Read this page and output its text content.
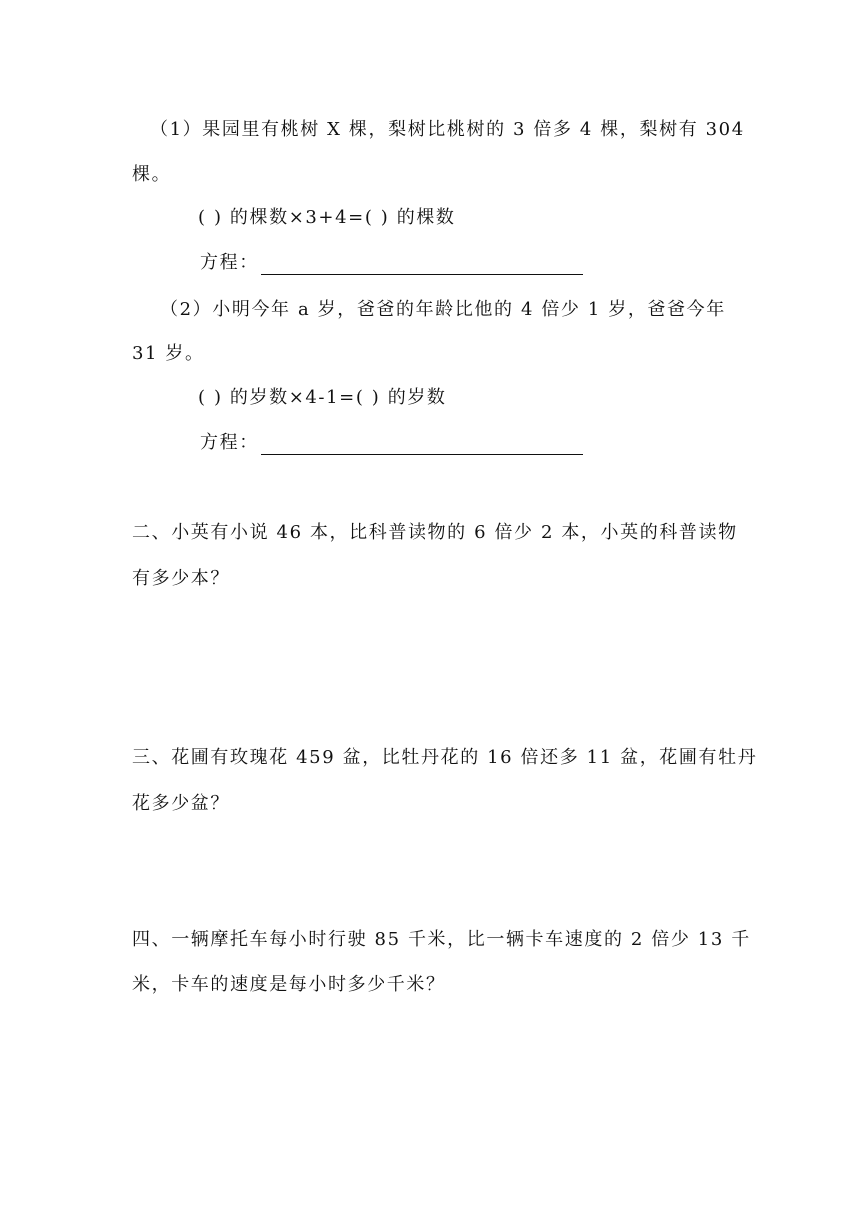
（1）果园里有桃树 X 棵，梨树比桃树的 3 倍多 4 棵，梨树有 304
棵。
( ) 的棵数×3+4=( ) 的棵数
方程：
（2）小明今年 a 岁，爸爸的年龄比他的 4 倍少 1 岁，爸爸今年
31 岁。
( ) 的岁数×4-1=( ) 的岁数
方程：
二、小英有小说 46 本，比科普读物的 6 倍少 2 本，小英的科普读物
有多少本？
三、花圃有玫瑰花 459 盆，比牡丹花的 16 倍还多 11 盆，花圃有牡丹
花多少盆？
四、一辆摩托车每小时行驶 85 千米，比一辆卡车速度的 2 倍少 13 千
米，卡车的速度是每小时多少千米？
